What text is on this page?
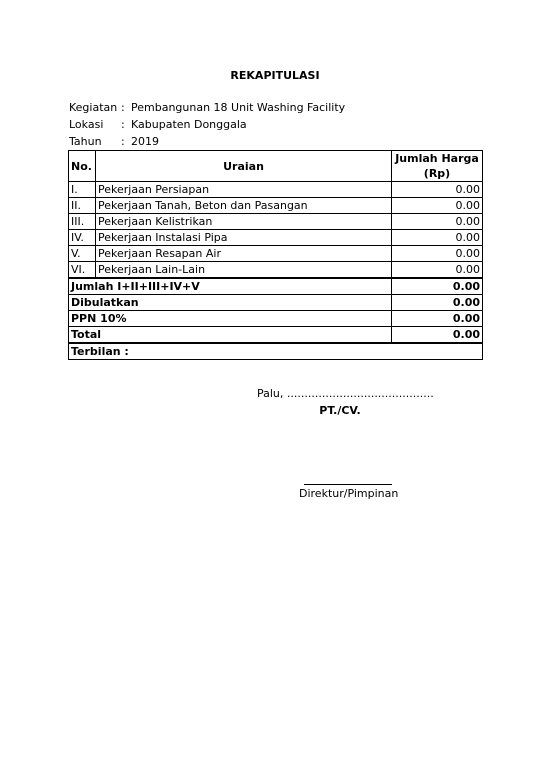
REKAPITULASI
Kegiatan : Pembangunan 18 Unit Washing Facility
Lokasi : Kabupaten Donggala
Tahun : 2019
No.	Uraian	Jumlah Harga
(Rp)
I.	Pekerjaan Persiapan	0.00
II.	Pekerjaan Tanah, Beton dan Pasangan	0.00
III.	Pekerjaan Kelistrikan	0.00
IV.	Pekerjaan Instalasi Pipa	0.00
V.	Pekerjaan Resapan Air	0.00
VI.	Pekerjaan Lain-Lain	0.00
Jumlah I+II+III+IV+V		0.00
Dibulatkan		0.00
PPN 10%		0.00
Total		0.00
Terbilan :		
Palu, ..........................................
PT./CV.
Direktur/Pimpinan
